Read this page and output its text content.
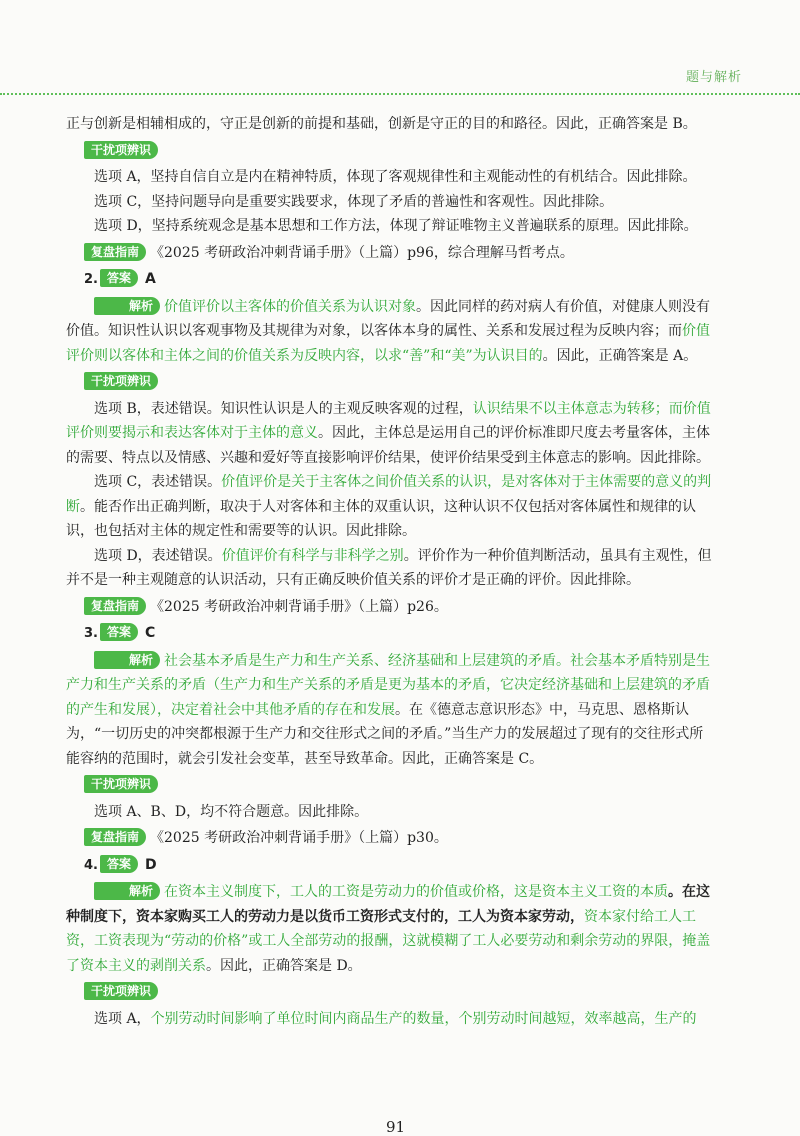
题与解析

正与创新是相辅相成的，守正是创新的前提和基础，创新是守正的目的和路径。因此，正确答案是 B。

干扰项辨识

选项 A，坚持自信自立是内在精神特质，体现了客观规律性和主观能动性的有机结合。因此排除。

选项 C，坚持问题导向是重要实践要求，体现了矛盾的普遍性和客观性。因此排除。

选项 D，坚持系统观念是基本思想和工作方法，体现了辩证唯物主义普遍联系的原理。因此排除。

复盘指南 《2025 考研政治冲刺背诵手册》（上篇）p96，综合理解马哲考点。
2. 答案 A

解析 价值评价以主客体的价值关系为认识对象。因此同样的药对病人有价值，对健康人则没有价值。知识性认识以客观事物及其规律为对象，以客体本身的属性、关系和发展过程为反映内容；而价值评价则以客体和主体之间的价值关系为反映内容，以求“善”和“美”为认识目的。因此，正确答案是 A。

干扰项辨识

选项 B，表述错误。知识性认识是人的主观反映客观的过程，认识结果不以主体意志为转移；而价值评价则要揭示和表达客体对于主体的意义。因此，主体总是运用自己的评价标准即尺度去考量客体，主体的需要、特点以及情感、兴趣和爱好等直接影响评价结果，使评价结果受到主体意志的影响。因此排除。

选项 C，表述错误。价值评价是关于主客体之间价值关系的认识，是对客体对于主体需要的意义的判断。能否作出正确判断，取决于人对客体和主体的双重认识，这种认识不仅包括对客体属性和规律的认识，也包括对主体的规定性和需要等的认识。因此排除。

选项 D，表述错误。价值评价有科学与非科学之别。评价作为一种价值判断活动，虽具有主观性，但并不是一种主观随意的认识活动，只有正确反映价值关系的评价才是正确的评价。因此排除。

复盘指南 《2025 考研政治冲刺背诵手册》（上篇）p26。
3. 答案 C

解析 社会基本矛盾是生产力和生产关系、经济基础和上层建筑的矛盾。社会基本矛盾特别是生产力和生产关系的矛盾（生产力和生产关系的矛盾是更为基本的矛盾，它决定经济基础和上层建筑的矛盾的产生和发展），决定着社会中其他矛盾的存在和发展。在《德意志意识形态》中，马克思、恩格斯认为，“一切历史的冲突都根源于生产力和交往形式之间的矛盾。”当生产力的发展超过了现有的交往形式所能容纳的范围时，就会引发社会变革，甚至导致革命。因此，正确答案是 C。

干扰项辨识

选项 A、B、D，均不符合题意。因此排除。

复盘指南 《2025 考研政治冲刺背诵手册》（上篇）p30。
4. 答案 D

解析 在资本主义制度下，工人的工资是劳动力的价值或价格，这是资本主义工资的本质。在这种制度下，资本家购买工人的劳动力是以货币工资形式支付的，工人为资本家劳动，资本家付给工人工资，工资表现为“劳动的价格”或工人全部劳动的报酬，这就模糊了工人必要劳动和剩余劳动的界限，掩盖了资本主义的剥削关系。因此，正确答案是 D。

干扰项辨识

选项 A，个别劳动时间影响了单位时间内商品生产的数量，个别劳动时间越短，效率越高，生产的

91
